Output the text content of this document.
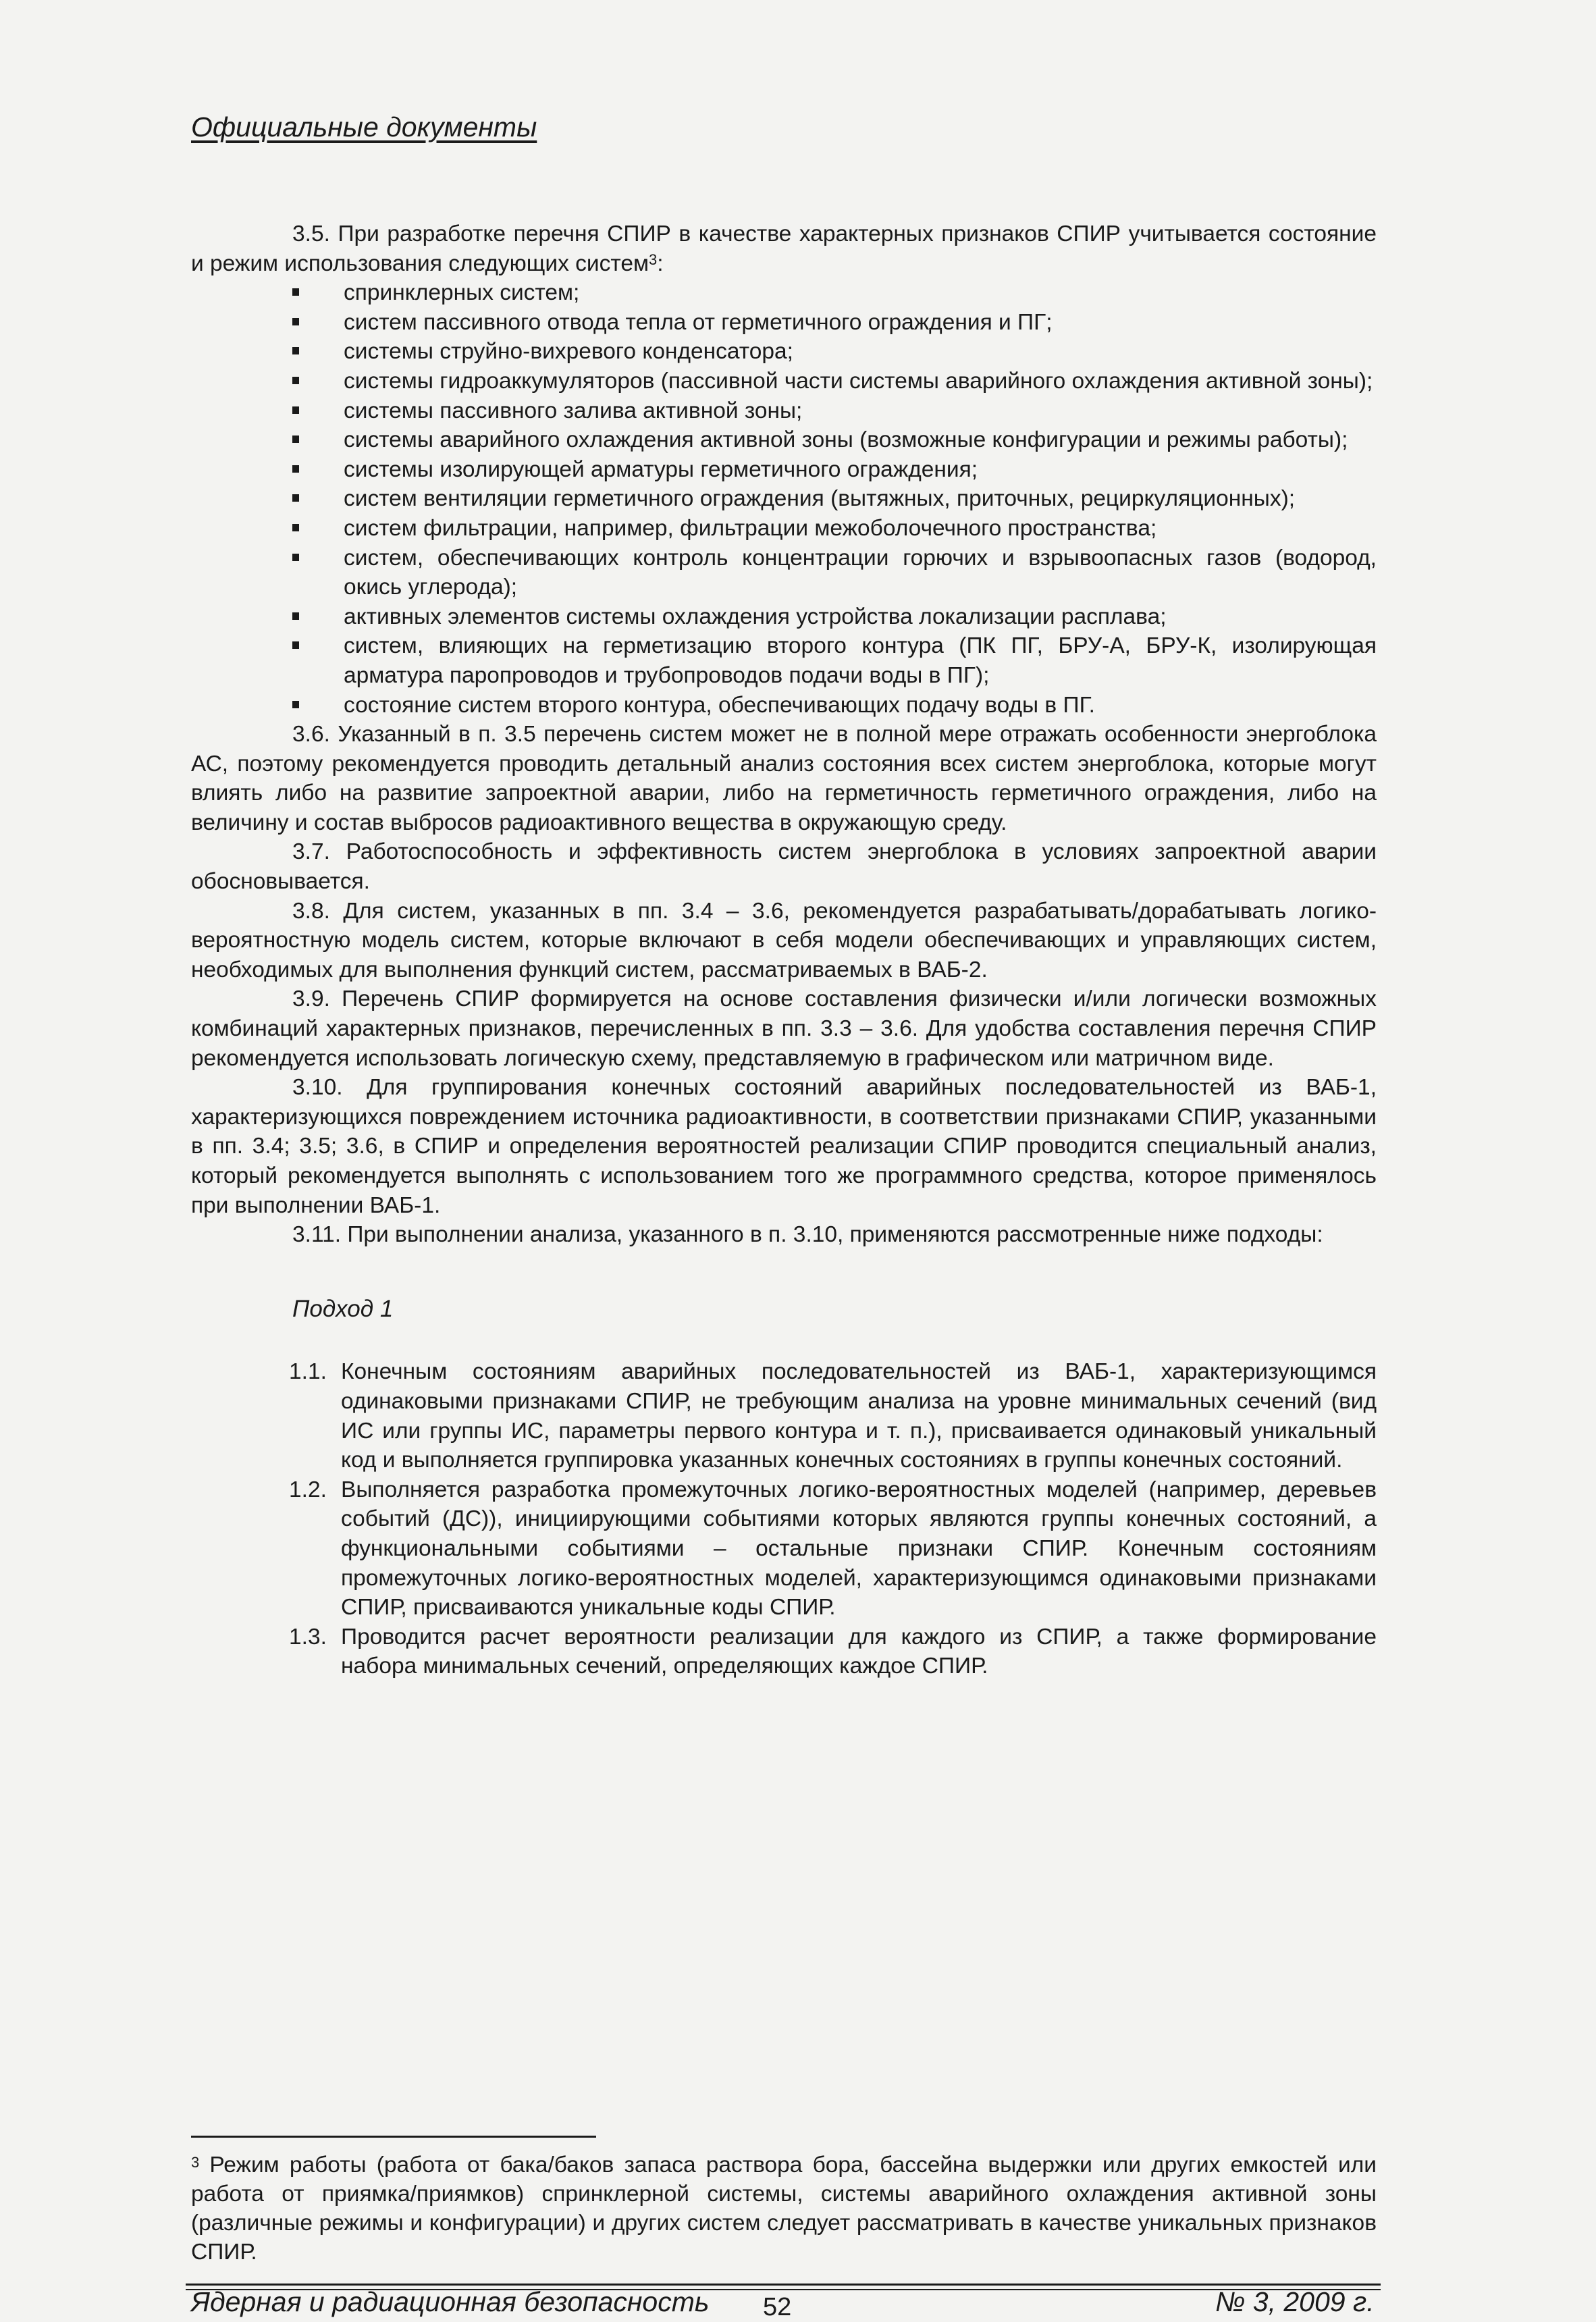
Официальные документы

3.5. При разработке перечня СПИР в качестве характерных признаков СПИР учитывается состояние и режим использования следующих систем$^3$:

спринклерных систем;
систем пассивного отвода тепла от герметичного ограждения и ПГ;
системы струйно-вихревого конденсатора;
системы гидроаккумуляторов (пассивной части системы аварийного охлаждения активной зоны);
системы пассивного залива активной зоны;
системы аварийного охлаждения активной зоны (возможные конфигурации и режимы работы);
системы изолирующей арматуры герметичного ограждения;
систем вентиляции герметичного ограждения (вытяжных, приточных, рециркуляционных);
систем фильтрации, например, фильтрации межоболочечного пространства;
систем, обеспечивающих контроль концентрации горючих и взрывоопасных газов (водород, окись углерода);
активных элементов системы охлаждения устройства локализации расплава;
систем, влияющих на герметизацию второго контура (ПК ПГ, БРУ-А, БРУ-К, изолирующая арматура паропроводов и трубопроводов подачи воды в ПГ);
состояние систем второго контура, обеспечивающих подачу воды в ПГ.

3.6. Указанный в п. 3.5 перечень систем может не в полной мере отражать особенности энергоблока АС, поэтому рекомендуется проводить детальный анализ состояния всех систем энергоблока, которые могут влиять либо на развитие запроектной аварии, либо на герметичность герметичного ограждения, либо на величину и состав выбросов радиоактивного вещества в окружающую среду.

3.7. Работоспособность и эффективность систем энергоблока в условиях запроектной аварии обосновывается.

3.8. Для систем, указанных в пп. 3.4 – 3.6, рекомендуется разрабатывать/дорабатывать логико-вероятностную модель систем, которые включают в себя модели обеспечивающих и управляющих систем, необходимых для выполнения функций систем, рассматриваемых в ВАБ-2.

3.9. Перечень СПИР формируется на основе составления физически и/или логически возможных комбинаций характерных признаков, перечисленных в пп. 3.3 – 3.6. Для удобства составления перечня СПИР рекомендуется использовать логическую схему, представляемую в графическом или матричном виде.

3.10. Для группирования конечных состояний аварийных последовательностей из ВАБ-1, характеризующихся повреждением источника радиоактивности, в соответствии признаками СПИР, указанными в пп. 3.4; 3.5; 3.6, в СПИР и определения вероятностей реализации СПИР проводится специальный анализ, который рекомендуется выполнять с использованием того же программного средства, которое применялось при выполнении ВАБ-1.

3.11. При выполнении анализа, указанного в п. 3.10, применяются рассмотренные ниже подходы:

Подход 1
1.1. Конечным состояниям аварийных последовательностей из ВАБ-1, характеризующимся одинаковыми признаками СПИР, не требующим анализа на уровне минимальных сечений (вид ИС или группы ИС, параметры первого контура и т. п.), присваивается одинаковый уникальный код и выполняется группировка указанных конечных состояниях в группы конечных состояний.
1.2. Выполняется разработка промежуточных логико-вероятностных моделей (например, деревьев событий (ДС)), инициирующими событиями которых являются группы конечных состояний, а функциональными событиями – остальные признаки СПИР. Конечным состояниям промежуточных логико-вероятностных моделей, характеризующимся одинаковыми признаками СПИР, присваиваются уникальные коды СПИР.
1.3. Проводится расчет вероятности реализации для каждого из СПИР, а также формирование набора минимальных сечений, определяющих каждое СПИР.
$^3$ Режим работы (работа от бака/баков запаса раствора бора, бассейна выдержки или других емкостей или работа от приямка/приямков) спринклерной системы, системы аварийного охлаждения активной зоны (различные режимы и конфигурации) и других систем следует рассматривать в качестве уникальных признаков СПИР.
Ядерная и радиационная безопасность 52	№ 3, 2009 г.
